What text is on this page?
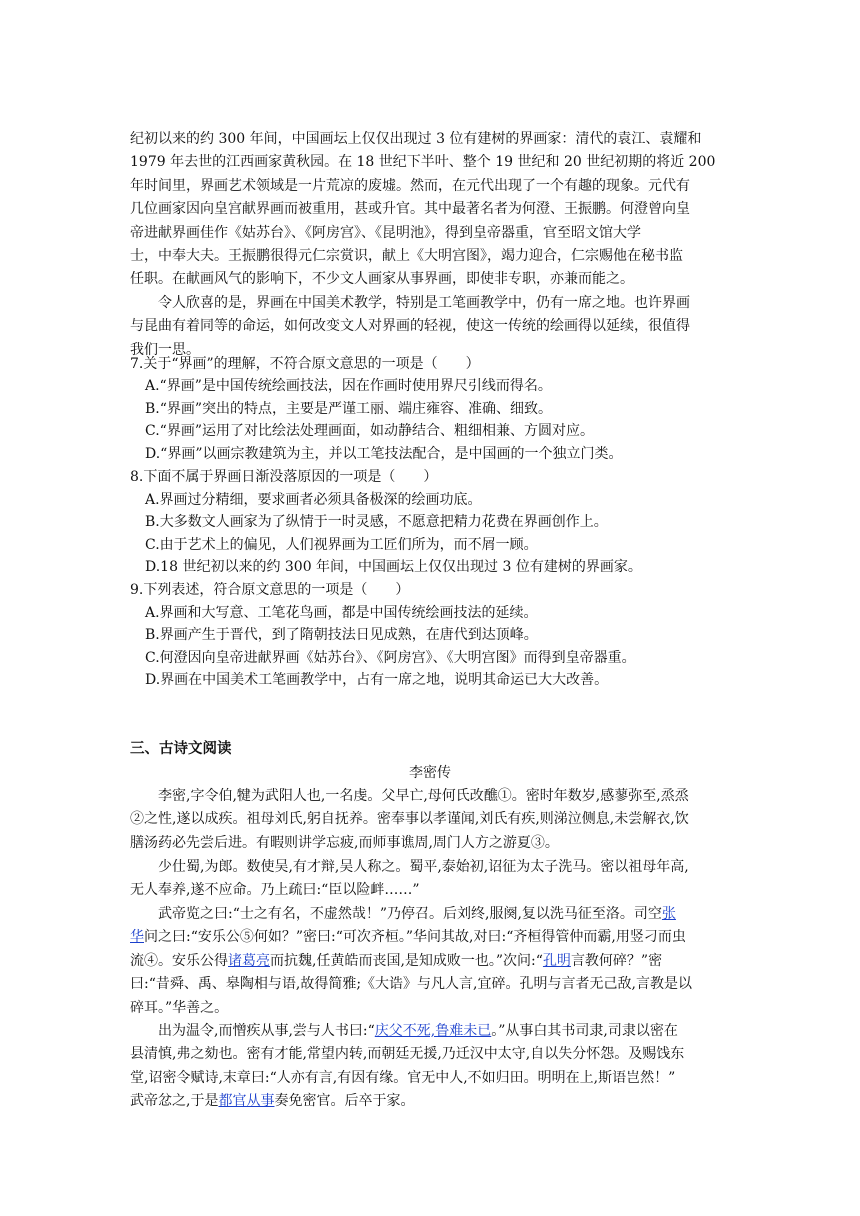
纪初以来的约 300 年间，中国画坛上仅仅出现过 3 位有建树的界画家：清代的袁江、袁耀和
1979 年去世的江西画家黄秋园。在 18 世纪下半叶、整个 19 世纪和 20 世纪初期的将近 200
年时间里，界画艺术领域是一片荒凉的废墟。然而，在元代出现了一个有趣的现象。元代有
几位画家因向皇宫献界画而被重用，甚或升官。其中最著名者为何澄、王振鹏。何澄曾向皇
帝进献界画佳作《姑苏台》、《阿房宫》、《昆明池》，得到皇帝器重，官至昭文馆大学
士，中奉大夫。王振鹏很得元仁宗赏识，献上《大明宫图》，竭力迎合，仁宗赐他在秘书监
任职。在献画风气的影响下，不少文人画家从事界画，即使非专职，亦兼而能之。
令人欣喜的是，界画在中国美术教学，特别是工笔画教学中，仍有一席之地。也许界画
与昆曲有着同等的命运，如何改变文人对界画的轻视，使这一传统的绘画得以延续，很值得
我们一思。
7.关于“界画”的理解，不符合原文意思的一项是（　　）
A.“界画”是中国传统绘画技法，因在作画时使用界尺引线而得名。
B.“界画”突出的特点，主要是严谨工丽、端庄雍容、准确、细致。
C.“界画”运用了对比绘法处理画面，如动静结合、粗细相兼、方圆对应。
D.“界画”以画宗教建筑为主，并以工笔技法配合，是中国画的一个独立门类。
8.下面不属于界画日渐没落原因的一项是（　　）
A.界画过分精细，要求画者必须具备极深的绘画功底。
B.大多数文人画家为了纵情于一时灵感，不愿意把精力花费在界画创作上。
C.由于艺术上的偏见，人们视界画为工匠们所为，而不屑一顾。
D.18 世纪初以来的约 300 年间，中国画坛上仅仅出现过 3 位有建树的界画家。
9.下列表述，符合原文意思的一项是（　　）
A.界画和大写意、工笔花鸟画，都是中国传统绘画技法的延续。
B.界画产生于晋代，到了隋朝技法日见成熟，在唐代到达顶峰。
C.何澄因向皇帝进献界画《姑苏台》、《阿房宫》、《大明宫图》而得到皇帝器重。
D.界画在中国美术工笔画教学中，占有一席之地，说明其命运已大大改善。
三、古诗文阅读
李密传
李密,字令伯,犍为武阳人也,一名虔。父早亡,母何氏改醮①。密时年数岁,感蓼弥至,烝烝
②之性,遂以成疾。祖母刘氏,躬自抚养。密奉事以孝谨闻,刘氏有疾,则涕泣侧息,未尝解衣,饮
膳汤药必先尝后进。有暇则讲学忘疲,而师事谯周,周门人方之游夏③。
少仕蜀,为郎。数使吴,有才辩,吴人称之。蜀平,泰始初,诏征为太子洗马。密以祖母年高,
无人奉养,遂不应命。乃上疏曰:“臣以险衅……”
武帝览之曰:“士之有名，不虚然哉！”乃停召。后刘终,服阕,复以洗马征至洛。司空张
华问之曰:“安乐公⑤何如？”密曰:“可次齐桓。”华问其故,对曰:“齐桓得管仲而霸,用竖刁而虫
流④。安乐公得诸葛亮而抗魏,任黄皓而丧国,是知成败一也。”次问:“孔明言教何碎？”密
曰:“昔舜、禹、皋陶相与语,故得简雅;《大诰》与凡人言,宜碎。孔明与言者无己敌,言教是以
碎耳。”华善之。
出为温令,而憎疾从事,尝与人书曰:“庆父不死,鲁难未已。”从事白其书司隶,司隶以密在
县清慎,弗之劾也。密有才能,常望内转,而朝廷无援,乃迁汉中太守,自以失分怀怨。及赐饯东
堂,诏密令赋诗,末章曰:“人亦有言,有因有缘。官无中人,不如归田。明明在上,斯语岂然！”
武帝忿之,于是都官从事奏免密官。后卒于家。
